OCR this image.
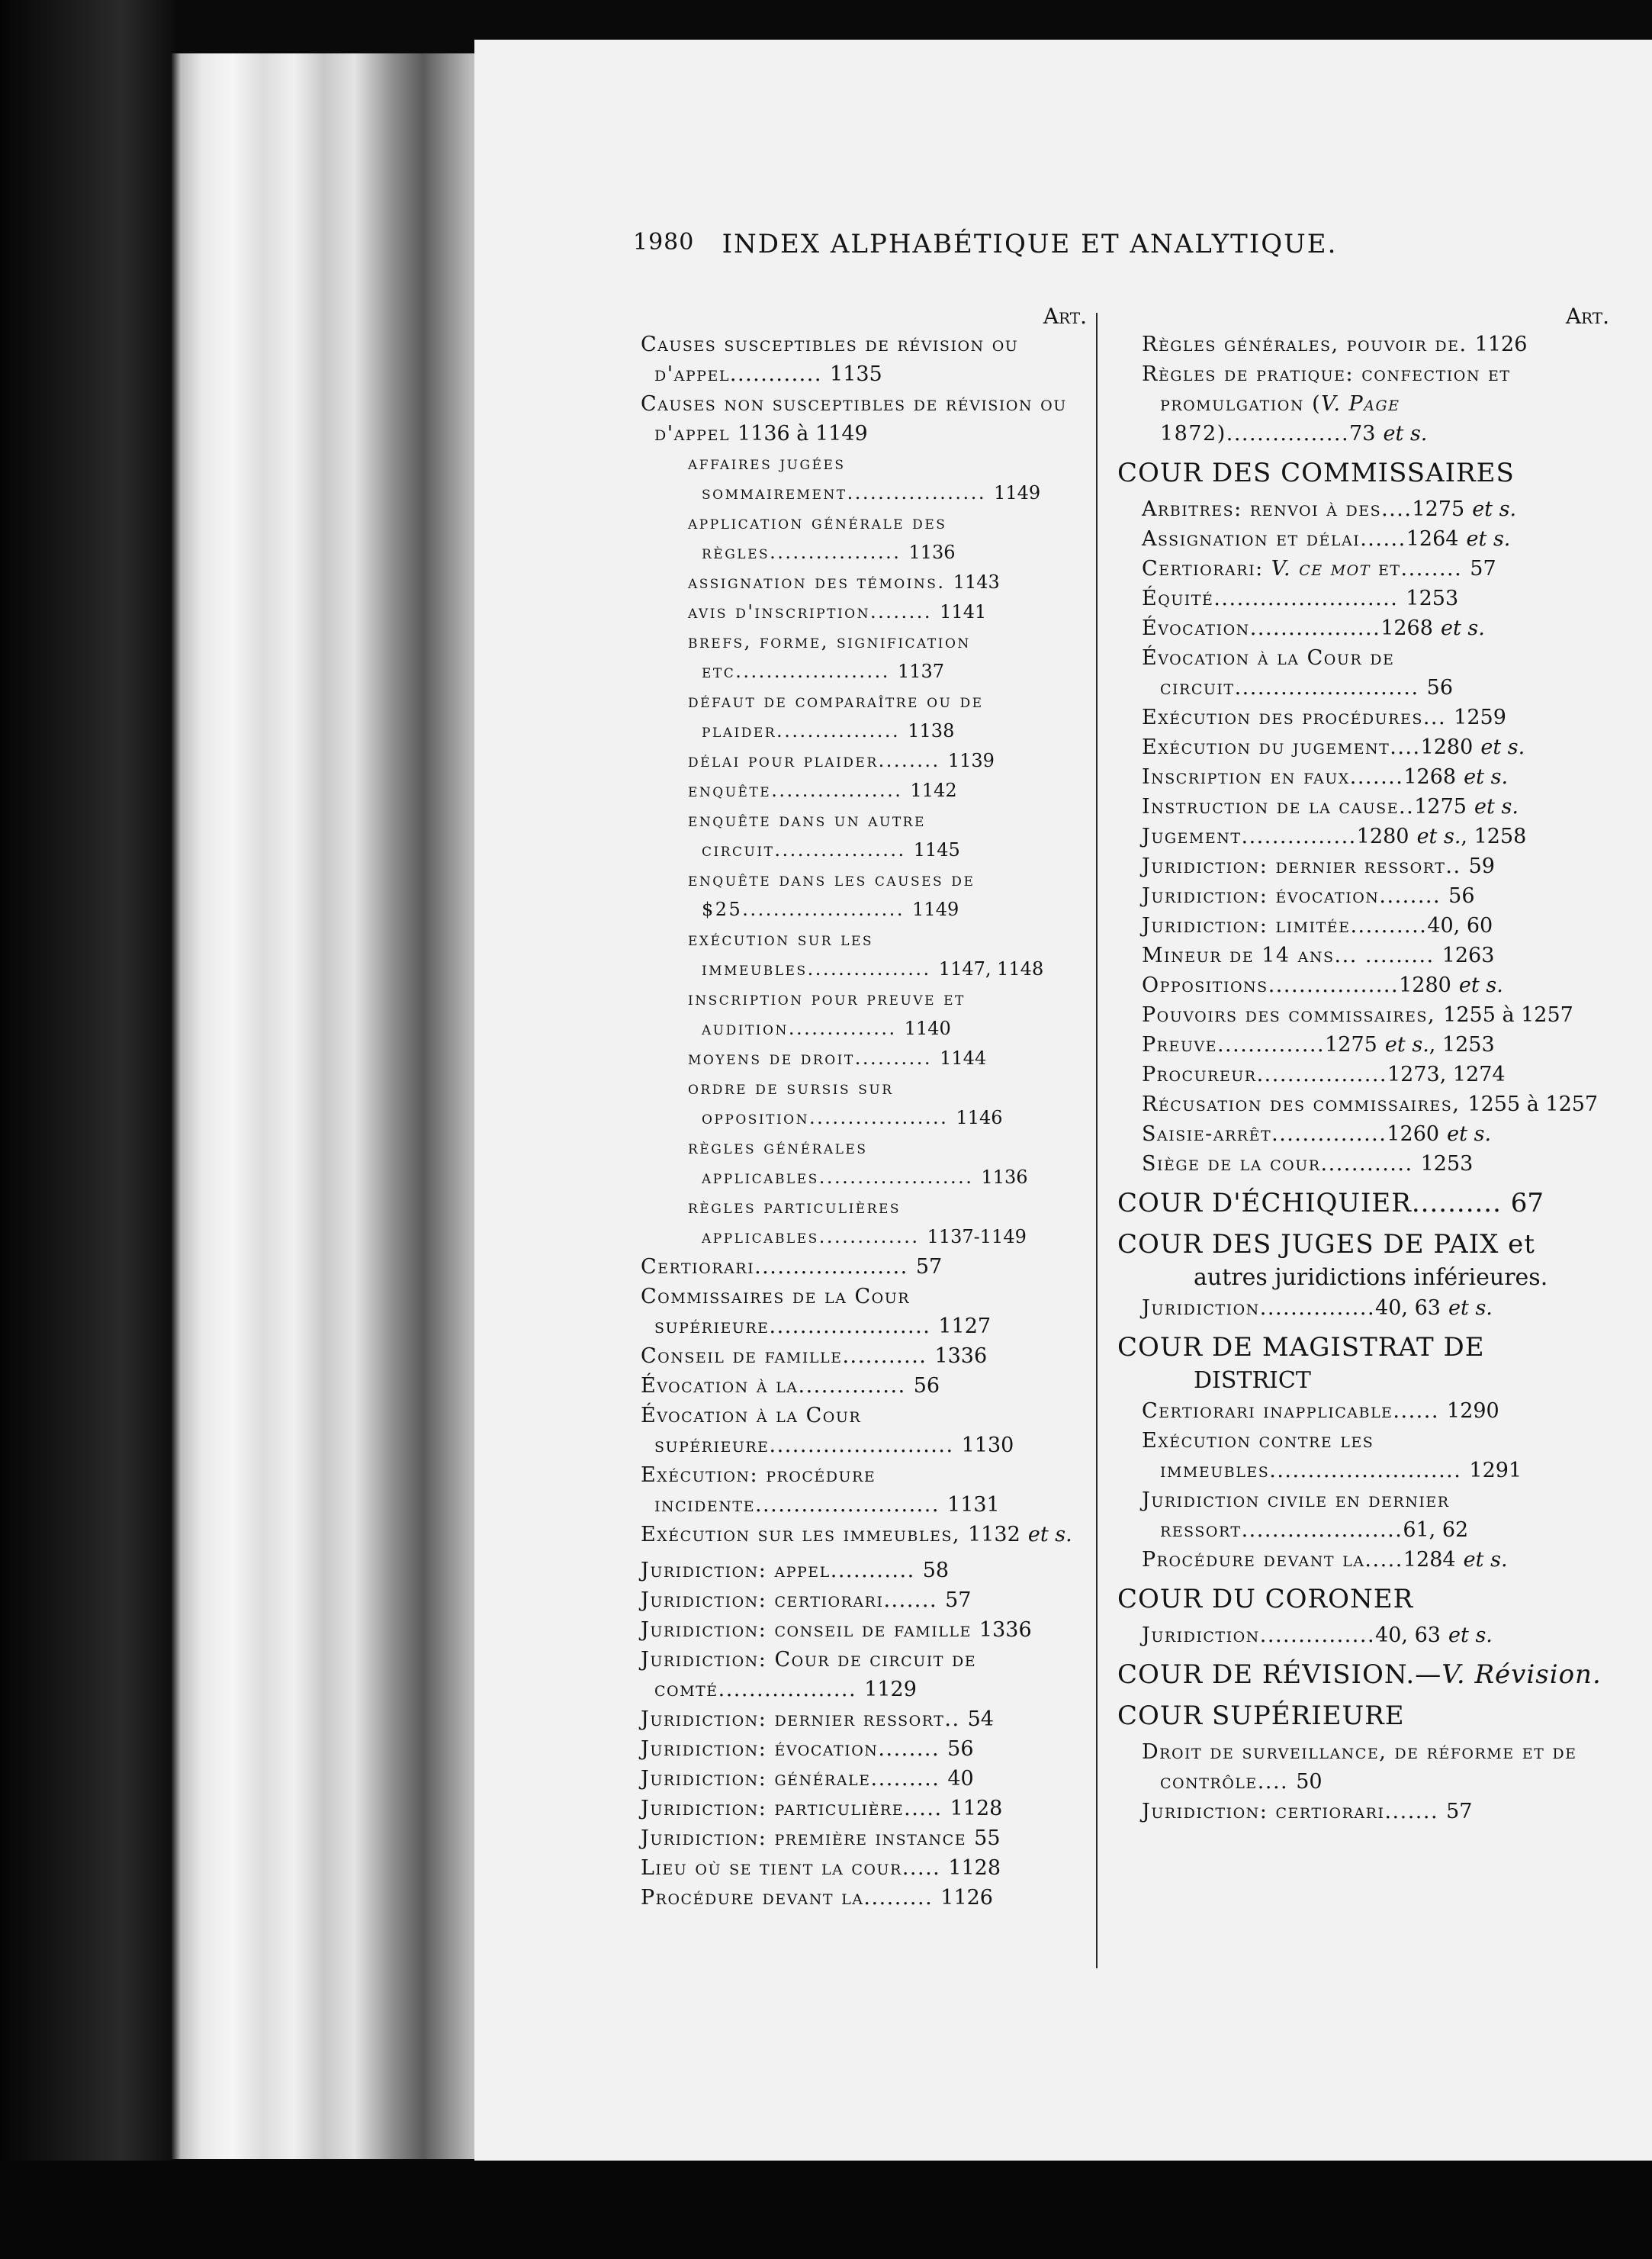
1980	INDEX ALPHABÉTIQUE ET ANALYTIQUE.
Art.
Causes susceptibles de révision ou d'appel............ 1135
Causes non susceptibles de révision ou d'appel 1136 à 1149
affaires jugées sommairement.................. 1149
application générale des règles................. 1136
assignation des témoins. 1143
avis d'inscription........ 1141
brefs, forme, signification etc.................... 1137
défaut de comparaître ou de plaider................ 1138
délai pour plaider........ 1139
enquête................. 1142
enquête dans un autre circuit................. 1145
enquête dans les causes de $25..................... 1149
exécution sur les immeubles................ 1147, 1148
inscription pour preuve et audition.............. 1140
moyens de droit.......... 1144
ordre de sursis sur opposition.................. 1146
règles générales applicables.................... 1136
règles particulières applicables............. 1137-1149
Certiorari.................... 57
Commissaires de la Cour supérieure..................... 1127
Conseil de famille........... 1336
Évocation à la.............. 56
Évocation à la Cour supérieure........................ 1130
Exécution: procédure incidente........................ 1131
Exécution sur les immeubles, 1132 et s.
Juridiction: appel........... 58
Juridiction: certiorari....... 57
Juridiction: conseil de famille 1336
Juridiction: Cour de circuit de comté.................. 1129
Juridiction: dernier ressort.. 54
Juridiction: évocation........ 56
Juridiction: générale......... 40
Juridiction: particulière..... 1128
Juridiction: première instance 55
Lieu où se tient la cour..... 1128
Procédure devant la......... 1126
Art.
Règles générales, pouvoir de. 1126
Règles de pratique: confection et promulgation (V. Page 1872)................73 et s.
COUR DES COMMISSAIRES
Arbitres: renvoi à des....1275 et s.
Assignation et délai......1264 et s.
Certiorari: V. ce mot et........ 57
Équité........................ 1253
Évocation.................1268 et s.
Évocation à la Cour de circuit........................ 56
Exécution des procédures... 1259
Exécution du jugement....1280 et s.
Inscription en faux.......1268 et s.
Instruction de la cause..1275 et s.
Jugement...............1280 et s., 1258
Juridiction: dernier ressort.. 59
Juridiction: évocation........ 56
Juridiction: limitée..........40, 60
Mineur de 14 ans... ......... 1263
Oppositions.................1280 et s.
Pouvoirs des commissaires, 1255 à 1257
Preuve..............1275 et s., 1253
Procureur.................1273, 1274
Récusation des commissaires, 1255 à 1257
Saisie-arrêt...............1260 et s.
Siège de la cour............ 1253
COUR D'ÉCHIQUIER.......... 67
COUR DES JUGES DE PAIX et
autres juridictions inférieures.
Juridiction...............40, 63 et s.
COUR DE MAGISTRAT DE
DISTRICT
Certiorari inapplicable...... 1290
Exécution contre les immeubles......................... 1291
Juridiction civile en dernier ressort.....................61, 62
Procédure devant la.....1284 et s.
COUR DU CORONER
Juridiction...............40, 63 et s.
COUR DE RÉVISION.—V. Révision.
COUR SUPÉRIEURE
Droit de surveillance, de réforme et de contrôle.... 50
Juridiction: certiorari....... 57
